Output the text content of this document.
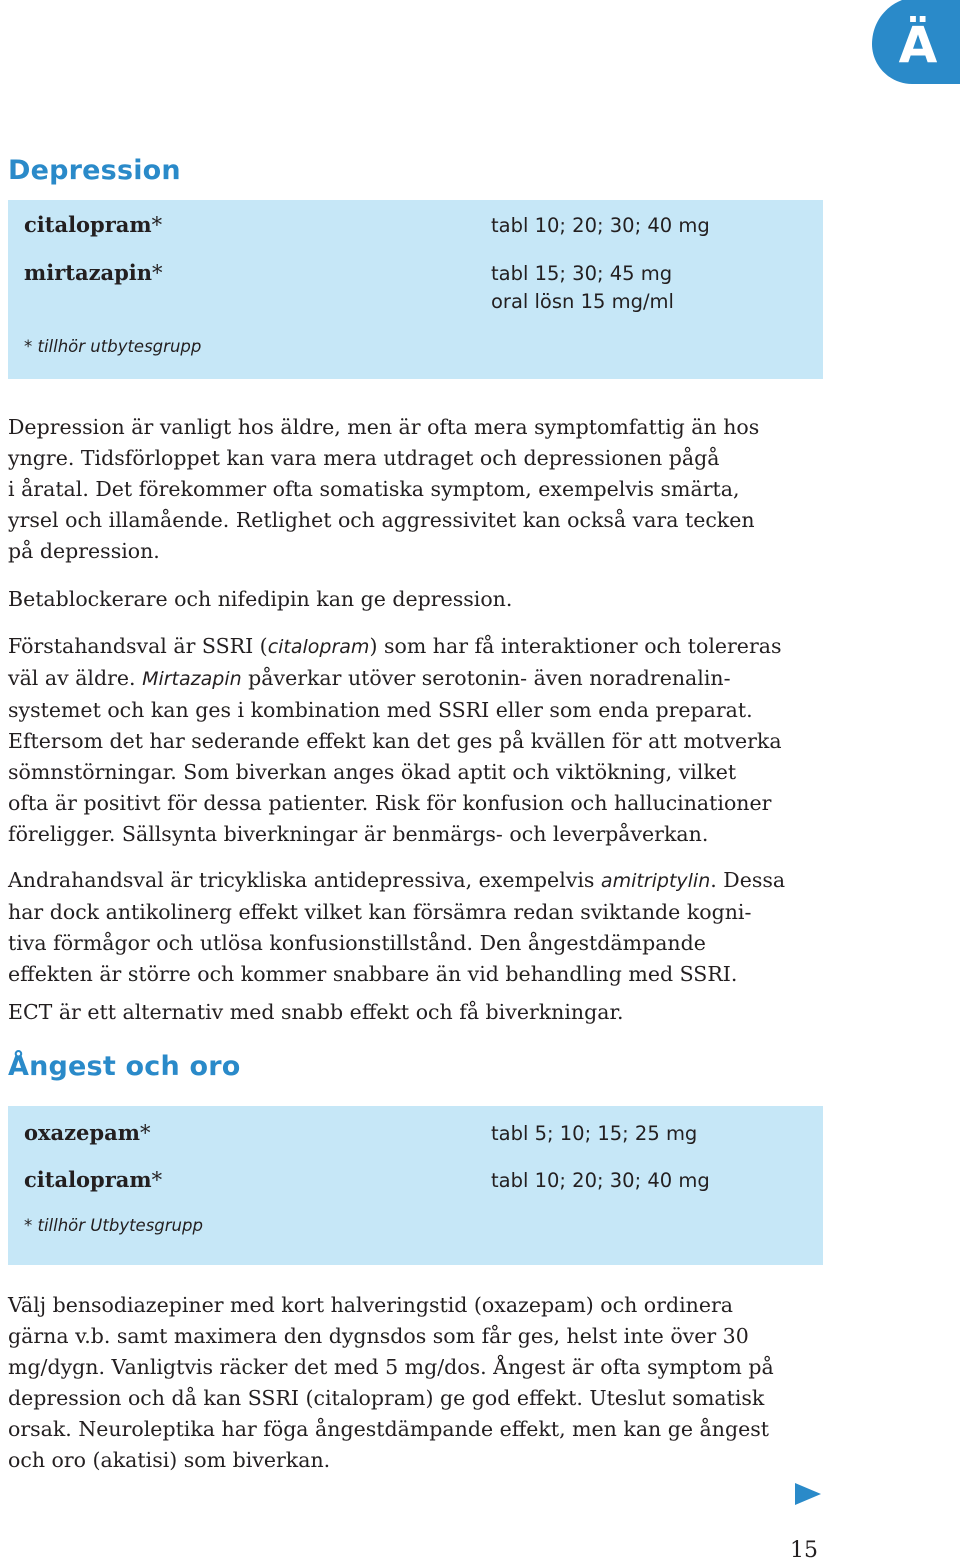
Ä
Depression
citalopram*	tabl 10; 20; 30; 40 mg
mirtazapin*	tabl 15; 30; 45 mg
oral lösn 15 mg/ml
* tillhör utbytesgrupp

Depression är vanligt hos äldre, men är ofta mera symptomfattig än hos
yngre. Tidsförloppet kan vara mera utdraget och depressionen pågå
i åratal. Det förekommer ofta somatiska symptom, exempelvis smärta,
yrsel och illamående. Retlighet och aggressivitet kan också vara tecken
på depression.

Betablockerare och nifedipin kan ge depression.

Förstahandsval är SSRI (citalopram) som har få interaktioner och tolereras
väl av äldre. Mirtazapin påverkar utöver serotonin- även noradrenalin-
systemet och kan ges i kombination med SSRI eller som enda preparat.
Eftersom det har sederande effekt kan det ges på kvällen för att motverka
sömnstörningar. Som biverkan anges ökad aptit och viktökning, vilket
ofta är positivt för dessa patienter. Risk för konfusion och hallucinationer
föreligger. Sällsynta biverkningar är benmärgs- och leverpåverkan.

Andrahandsval är tricykliska antidepressiva, exempelvis amitriptylin. Dessa
har dock antikolinerg effekt vilket kan försämra redan sviktande kogni-
tiva förmågor och utlösa konfusionstillstånd. Den ångestdämpande
effekten är större och kommer snabbare än vid behandling med SSRI.

ECT är ett alternativ med snabb effekt och få biverkningar.

Ångest och oro
oxazepam*	tabl 5; 10; 15; 25 mg
citalopram*	tabl 10; 20; 30; 40 mg
* tillhör Utbytesgrupp

Välj bensodiazepiner med kort halveringstid (oxazepam) och ordinera
gärna v.b. samt maximera den dygnsdos som får ges, helst inte över 30
mg/dygn. Vanligtvis räcker det med 5 mg/dos. Ångest är ofta symptom på
depression och då kan SSRI (citalopram) ge god effekt. Uteslut somatisk
orsak. Neuroleptika har föga ångestdämpande effekt, men kan ge ångest
och oro (akatisi) som biverkan.

15
